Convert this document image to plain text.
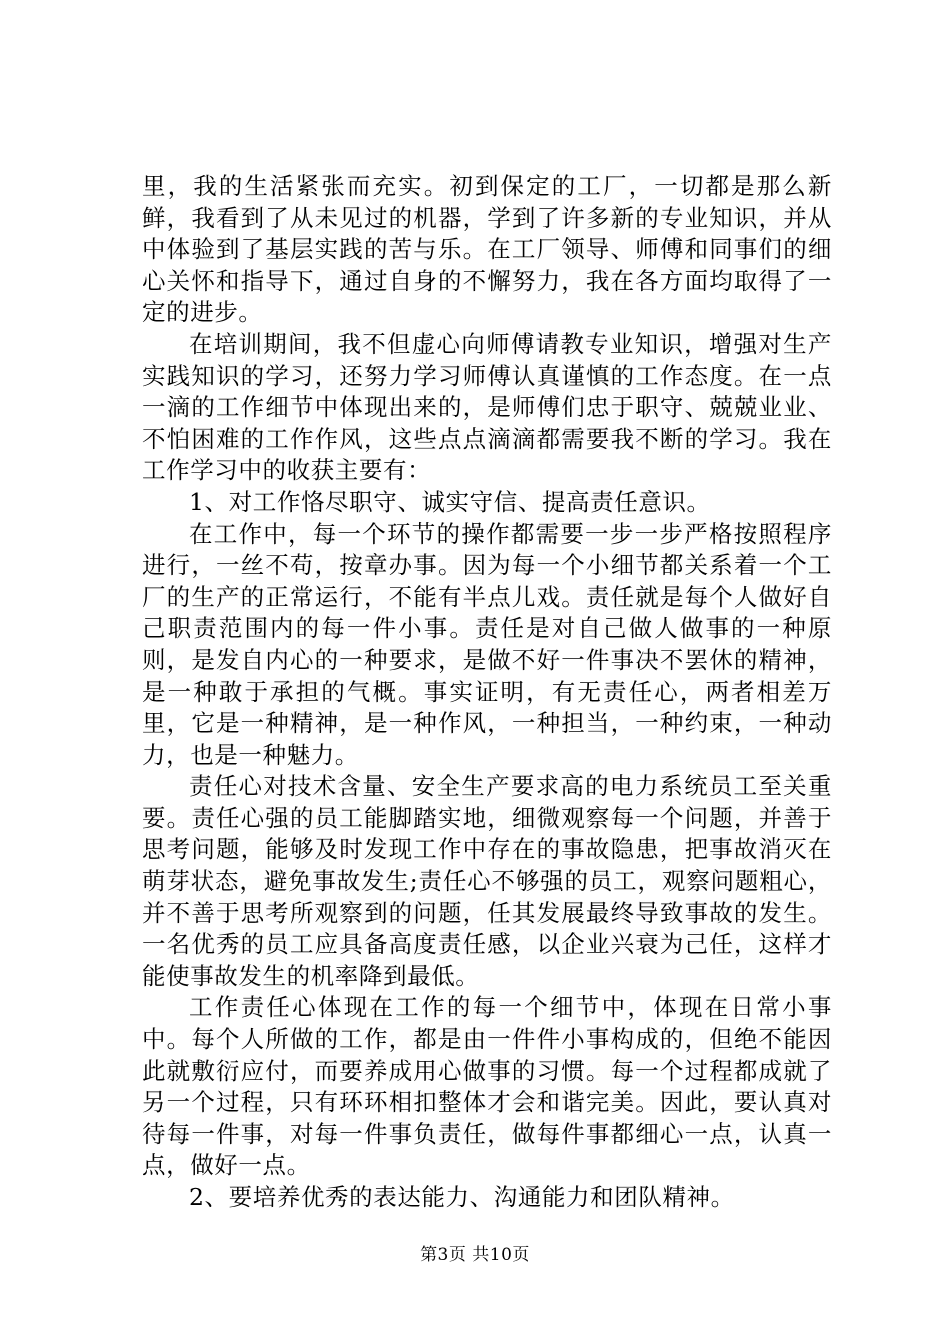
里，我的生活紧张而充实。初到保定的工厂，一切都是那么新鲜，我看到了从未见过的机器，学到了许多新的专业知识，并从中体验到了基层实践的苦与乐。在工厂领导、师傅和同事们的细心关怀和指导下，通过自身的不懈努力，我在各方面均取得了一定的进步。

在培训期间，我不但虚心向师傅请教专业知识，增强对生产实践知识的学习，还努力学习师傅认真谨慎的工作态度。在一点一滴的工作细节中体现出来的，是师傅们忠于职守、兢兢业业、不怕困难的工作作风，这些点点滴滴都需要我不断的学习。我在工作学习中的收获主要有：

1、对工作恪尽职守、诚实守信、提高责任意识。

在工作中，每一个环节的操作都需要一步一步严格按照程序进行，一丝不苟，按章办事。因为每一个小细节都关系着一个工厂的生产的正常运行，不能有半点儿戏。责任就是每个人做好自己职责范围内的每一件小事。责任是对自己做人做事的一种原则，是发自内心的一种要求，是做不好一件事决不罢休的精神，是一种敢于承担的气概。事实证明，有无责任心，两者相差万里，它是一种精神，是一种作风，一种担当，一种约束，一种动力，也是一种魅力。

责任心对技术含量、安全生产要求高的电力系统员工至关重要。责任心强的员工能脚踏实地，细微观察每一个问题，并善于思考问题，能够及时发现工作中存在的事故隐患，把事故消灭在萌芽状态，避免事故发生;责任心不够强的员工，观察问题粗心，并不善于思考所观察到的问题，任其发展最终导致事故的发生。一名优秀的员工应具备高度责任感，以企业兴衰为己任，这样才能使事故发生的机率降到最低。

工作责任心体现在工作的每一个细节中，体现在日常小事中。每个人所做的工作，都是由一件件小事构成的，但绝不能因此就敷衍应付，而要养成用心做事的习惯。每一个过程都成就了另一个过程，只有环环相扣整体才会和谐完美。因此，要认真对待每一件事，对每一件事负责任，做每件事都细心一点，认真一点，做好一点。

2、要培养优秀的表达能力、沟通能力和团队精神。

第3页 共10页
